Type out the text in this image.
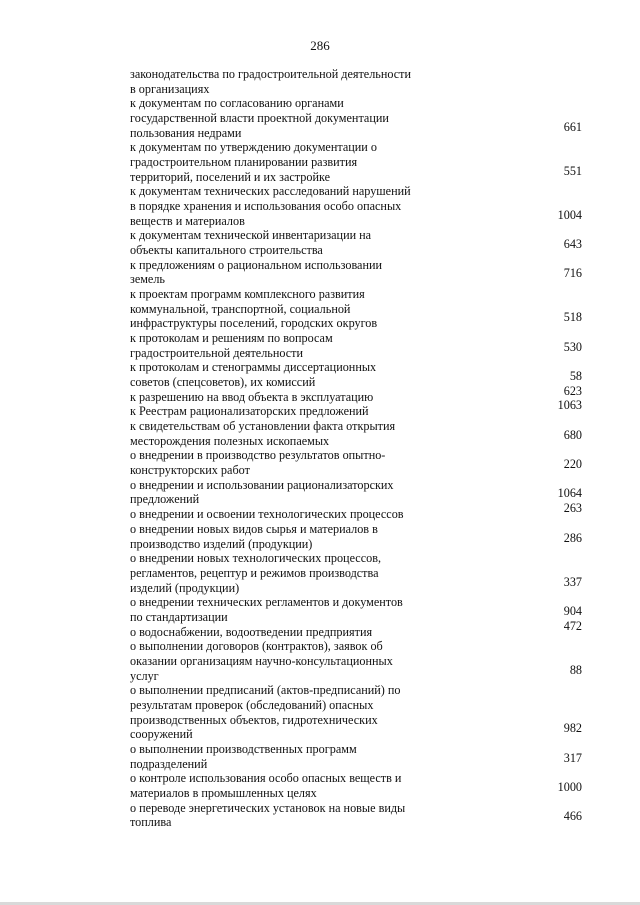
286
законодательства по градостроительной деятельности
в организациях
к документам по согласованию органами
государственной власти проектной документации
пользования недрами	661
к документам по утверждению документации о
градостроительном планировании развития
территорий, поселений и их застройке	551
к документам технических расследований нарушений
в порядке хранения и использования особо опасных
веществ и материалов	1004
к документам технической инвентаризации на
объекты капитального строительства	643
к предложениям о рациональном использовании
земель	716
к проектам программ комплексного развития
коммунальной, транспортной, социальной
инфраструктуры поселений, городских округов	518
к протоколам и решениям по вопросам
градостроительной деятельности	530
к протоколам и стенограммы диссертационных
советов (спецсоветов), их комиссий	58
к разрешению на ввод объекта в эксплуатацию	623
к Реестрам рационализаторских предложений	1063
к свидетельствам об установлении факта открытия
месторождения полезных ископаемых	680
о внедрении в производство результатов опытно-
конструкторских работ	220
о внедрении и использовании рационализаторских
предложений	1064
о внедрении и освоении технологических процессов	263
о внедрении новых видов сырья и материалов в
производство изделий (продукции)	286
о внедрении новых технологических процессов,
регламентов, рецептур и режимов производства
изделий (продукции)	337
о внедрении технических регламентов и документов
по стандартизации	904
о водоснабжении, водоотведении предприятия	472
о выполнении договоров (контрактов), заявок об
оказании организациям научно-консультационных
услуг	88
о выполнении предписаний (актов-предписаний) по
результатам проверок (обследований) опасных
производственных объектов, гидротехнических
сооружений	982
о выполнении производственных программ
подразделений	317
о контроле использования особо опасных веществ и
материалов в промышленных целях	1000
о переводе энергетических установок на новые виды
топлива	466
